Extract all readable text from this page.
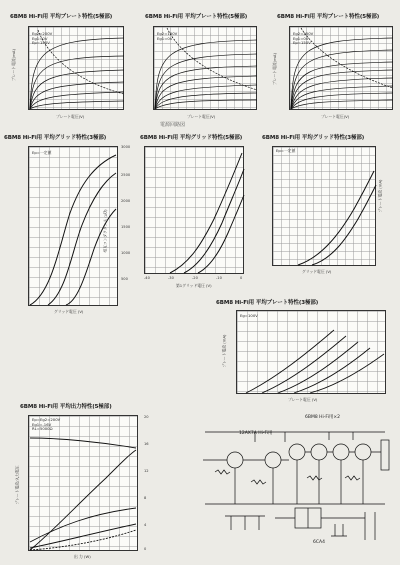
6BM8 Hi-Fi用 平均プレート特性(5極部)
Eg2=200V
Eg1=0V
Ep=150V
プレート電流(mA)
プレート電圧(V)
6BM8 Hi-Fi用 平均プレート特性(5極部)
Eg2=150V
Eg1=0V
プレート電圧(V)
6BM8 Hi-Fi用 平均プレート特性(5極部)
Eg2=250V
Eg1=0V
Ep=150V
プレート電流(mA)
プレート電圧(V)
6BM8 Hi-Fi用 平均グリッド特性(3極部)
Ep=一定値
相互コンダクタンス (μ℧)
グリッド電圧 (V)
3000
2500
2000
1500
1000
500
6BM8 Hi-Fi用 平均グリッド特性(5極部)
-40	-30	-20	-10	0
第1グリッド電圧 (V)
6BM8 Hi-Fi用 平均グリッド特性(3極部)
Ep=一定値
プレート電流 (mA)
グリッド電圧 (V)
6BM8 Hi-Fi用 平均プレート特性(3極部)
Eg=100V
プレート電流 (mA)
プレート電圧 (V)
6BM8 Hi-Fi用 平均出力特性(5極部)
Ep=Eg2=200V
Eg1=-16V
RL=5000Ω
20
16
12
8
4
0
プレート電流/入力電圧
出 力 (W)
6BM8 Hi-Fi用×2
12AX7A Hi-Fi用
6CA4
電源回路図
